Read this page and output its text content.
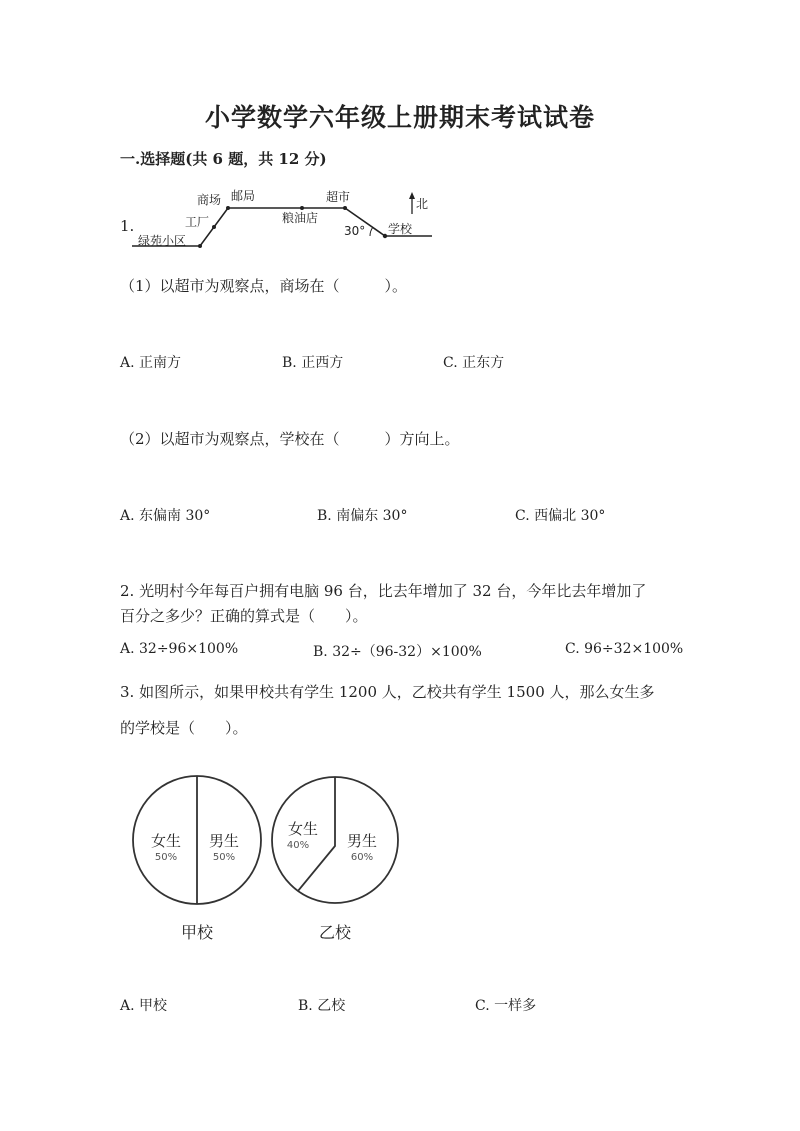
小学数学六年级上册期末考试试卷
一.选择题(共 6 题，共 12 分)
1.
商场 邮局	超市	北
工厂	粮油店
30° 学校
绿苑小区
（1）以超市为观察点，商场在（　　　）。
A. 正南方	B. 正西方	C. 正东方
（2）以超市为观察点，学校在（　　　）方向上。
A. 东偏南 30°	B. 南偏东 30°	C. 西偏北 30°
2. 光明村今年每百户拥有电脑 96 台，比去年增加了 32 台，今年比去年增加了
百分之多少？正确的算式是（　　）。
A. 32÷96×100%	B. 32÷（96-32）×100%	C. 96÷32×100%
3. 如图所示，如果甲校共有学生 1200 人，乙校共有学生 1500 人，那么女生多
的学校是（　　）。
女生
50%
男生
50%
甲校
女生
40%	男生
60%
乙校
A. 甲校	B. 乙校	C. 一样多
